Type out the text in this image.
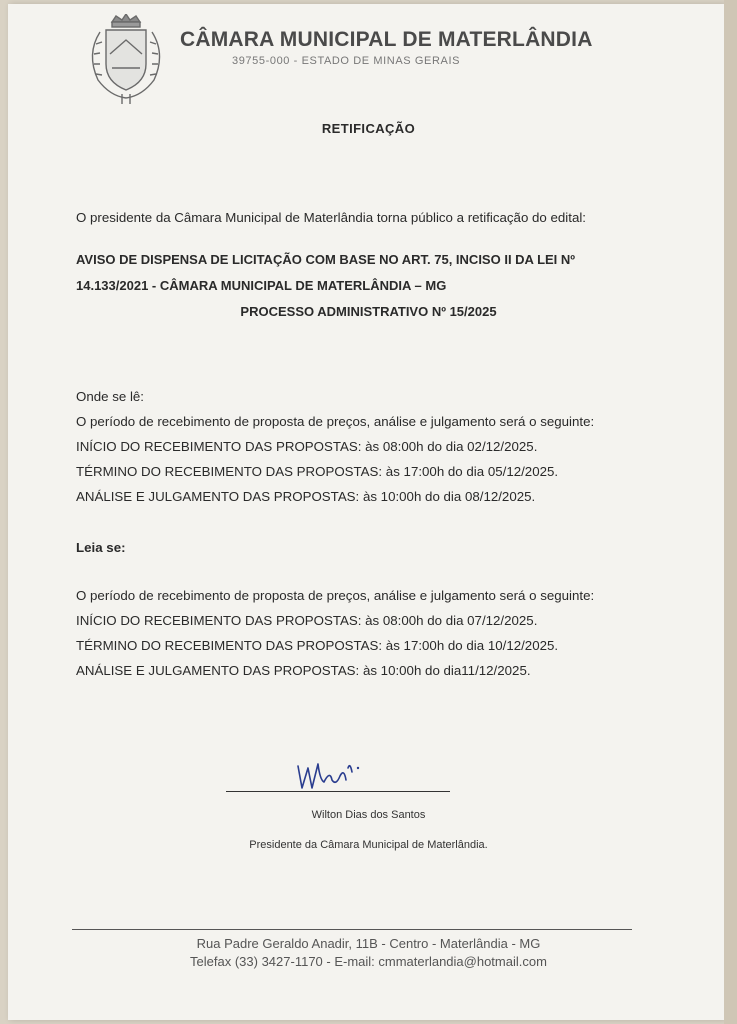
CÂMARA MUNICIPAL DE MATERLÂNDIA
39755-000 - ESTADO DE MINAS GERAIS
RETIFICAÇÃO
O presidente da Câmara Municipal de Materlândia torna público a retificação do edital:
AVISO DE DISPENSA DE LICITAÇÃO COM BASE NO ART. 75, INCISO II DA LEI Nº
14.133/2021 - CÂMARA MUNICIPAL DE MATERLÂNDIA – MG
PROCESSO ADMINISTRATIVO Nº 15/2025
Onde se lê:
O período de recebimento de proposta de preços, análise e julgamento será o seguinte:
INÍCIO DO RECEBIMENTO DAS PROPOSTAS: às 08:00h do dia 02/12/2025.
TÉRMINO DO RECEBIMENTO DAS PROPOSTAS: às 17:00h do dia 05/12/2025.
ANÁLISE E JULGAMENTO DAS PROPOSTAS: às 10:00h do dia 08/12/2025.
Leia se:
O período de recebimento de proposta de preços, análise e julgamento será o seguinte:
INÍCIO DO RECEBIMENTO DAS PROPOSTAS: às 08:00h do dia 07/12/2025.
TÉRMINO DO RECEBIMENTO DAS PROPOSTAS: às 17:00h do dia 10/12/2025.
ANÁLISE E JULGAMENTO DAS PROPOSTAS: às 10:00h do dia11/12/2025.
Wilton Dias dos Santos
Presidente da Câmara Municipal de Materlândia.
Rua Padre Geraldo Anadir, 11B - Centro - Materlândia - MG
Telefax (33) 3427-1170 - E-mail: cmmaterlandia@hotmail.com
